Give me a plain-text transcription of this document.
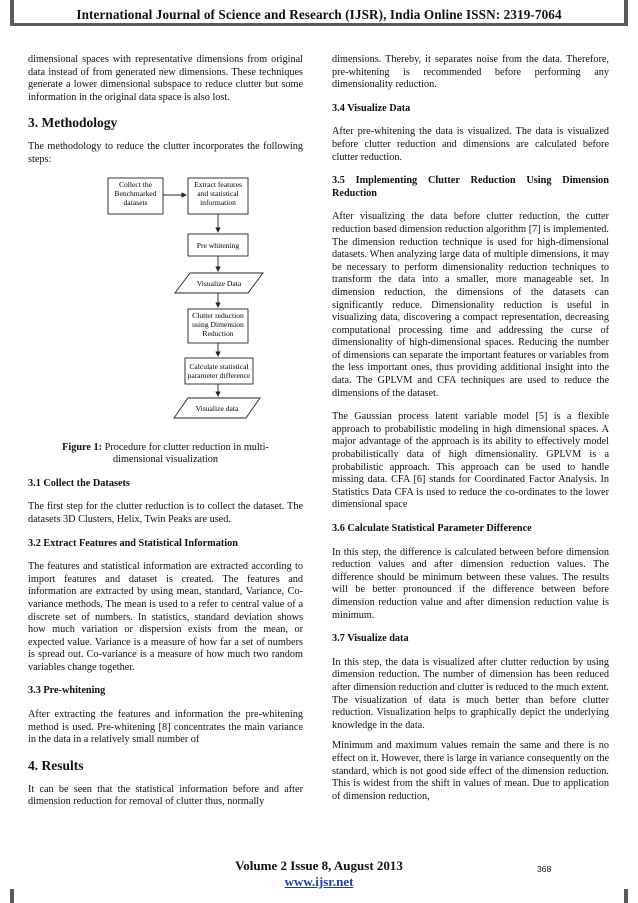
International Journal of Science and Research (IJSR), India Online ISSN: 2319-7064

dimensional spaces with representative dimensions from original data instead of from generated new dimensions. These techniques generate a lower dimensional subspace to reduce clutter but some information in the original data space is also lost.

3. Methodology

The methodology to reduce the clutter incorporates the following steps:

Collect the
Benchmarked
datasets
Extract features
and statistical
information
Pre whitening
Visualize Data
Clutter reduction
using Dimension
Reduction
Calculate statistical
parameter difference
Visualize data

Figure 1: Procedure for clutter reduction in multi-dimensional visualization

3.1 Collect the Datasets

The first step for the clutter reduction is to collect the dataset. The datasets 3D Clusters, Helix, Twin Peaks are used.

3.2 Extract Features and Statistical Information

The features and statistical information are extracted according to import features and dataset is created. The features and information are extracted by using mean, standard, Variance, Co-variance methods. The mean is used to a refer to central value of a discrete set of numbers. In statistics, standard deviation shows how much variation or dispersion exists from the mean, or expected value. Variance is a measure of how far a set of numbers is spread out. Co-variance is a measure of how much two random variables change together.

3.3 Pre-whitening

After extracting the features and information the pre-whitening method is used. Pre-whitening [8] concentrates the main variance in the data in a relatively small number of

4. Results

It can be seen that the statistical information before and after dimension reduction for removal of clutter thus, normally

dimensions. Thereby, it separates noise from the data. Therefore, pre-whitening is recommended before performing any dimensionality reduction.

3.4 Visualize Data

After pre-whitening the data is visualized. The data is visualized before clutter reduction and dimensions are calculated before clutter reduction.

3.5 Implementing Clutter Reduction Using Dimension Reduction

After visualizing the data before clutter reduction, the cutter reduction based dimension reduction algorithm [7] is implemented. The dimension reduction technique is used for high-dimensional datasets. When analyzing large data of multiple dimensions, it may be necessary to perform dimensionality reduction techniques to transform the data into a smaller, more manageable set. In dimension reduction, the dimensions of the datasets can significantly reduce. Dimensionality reduction is useful in visualizing data, discovering a compact representation, decreasing computational processing time and addressing the curse of dimensionality of high-dimensional spaces. Reducing the number of dimensions can separate the important features or variables from the less important ones, thus providing additional insight into the data. The GPLVM and CFA techniques are used to reduce the dimensions of the dataset.

The Gaussian process latent variable model [5] is a flexible approach to probabilistic modeling in high dimensional spaces. A major advantage of the approach is its ability to effectively model probabilistically data of high dimensionality. GPLVM is a probabilistic approach. This approach can be used to handle missing data. CFA [6] stands for Coordinated Factor Analysis. In Statistics Data CFA is used to reduce the co-ordinates to the lower dimensional space

3.6 Calculate Statistical Parameter Difference

In this step, the difference is calculated between before dimension reduction values and after dimension reduction values. The difference should be minimum between these values. The results will be better pronounced if the difference between before dimension reduction value and after dimension reduction value is minimum.

3.7 Visualize data

In this step, the data is visualized after clutter reduction by using dimension reduction. The number of dimension has been reduced after dimension reduction and clutter is reduced to the much extent. The visualization of data is much better than before clutter reduction. Visualization helps to graphically depict the underlying knowledge in the data.

Minimum and maximum values remain the same and there is no effect on it. However, there is large in variance consequently on the standard, which is not good side effect of the dimension reduction. This is widest from the shift in values of mean. Due to application of dimension reduction,

Volume 2 Issue 8, August 2013
www.ijsr.net
368
